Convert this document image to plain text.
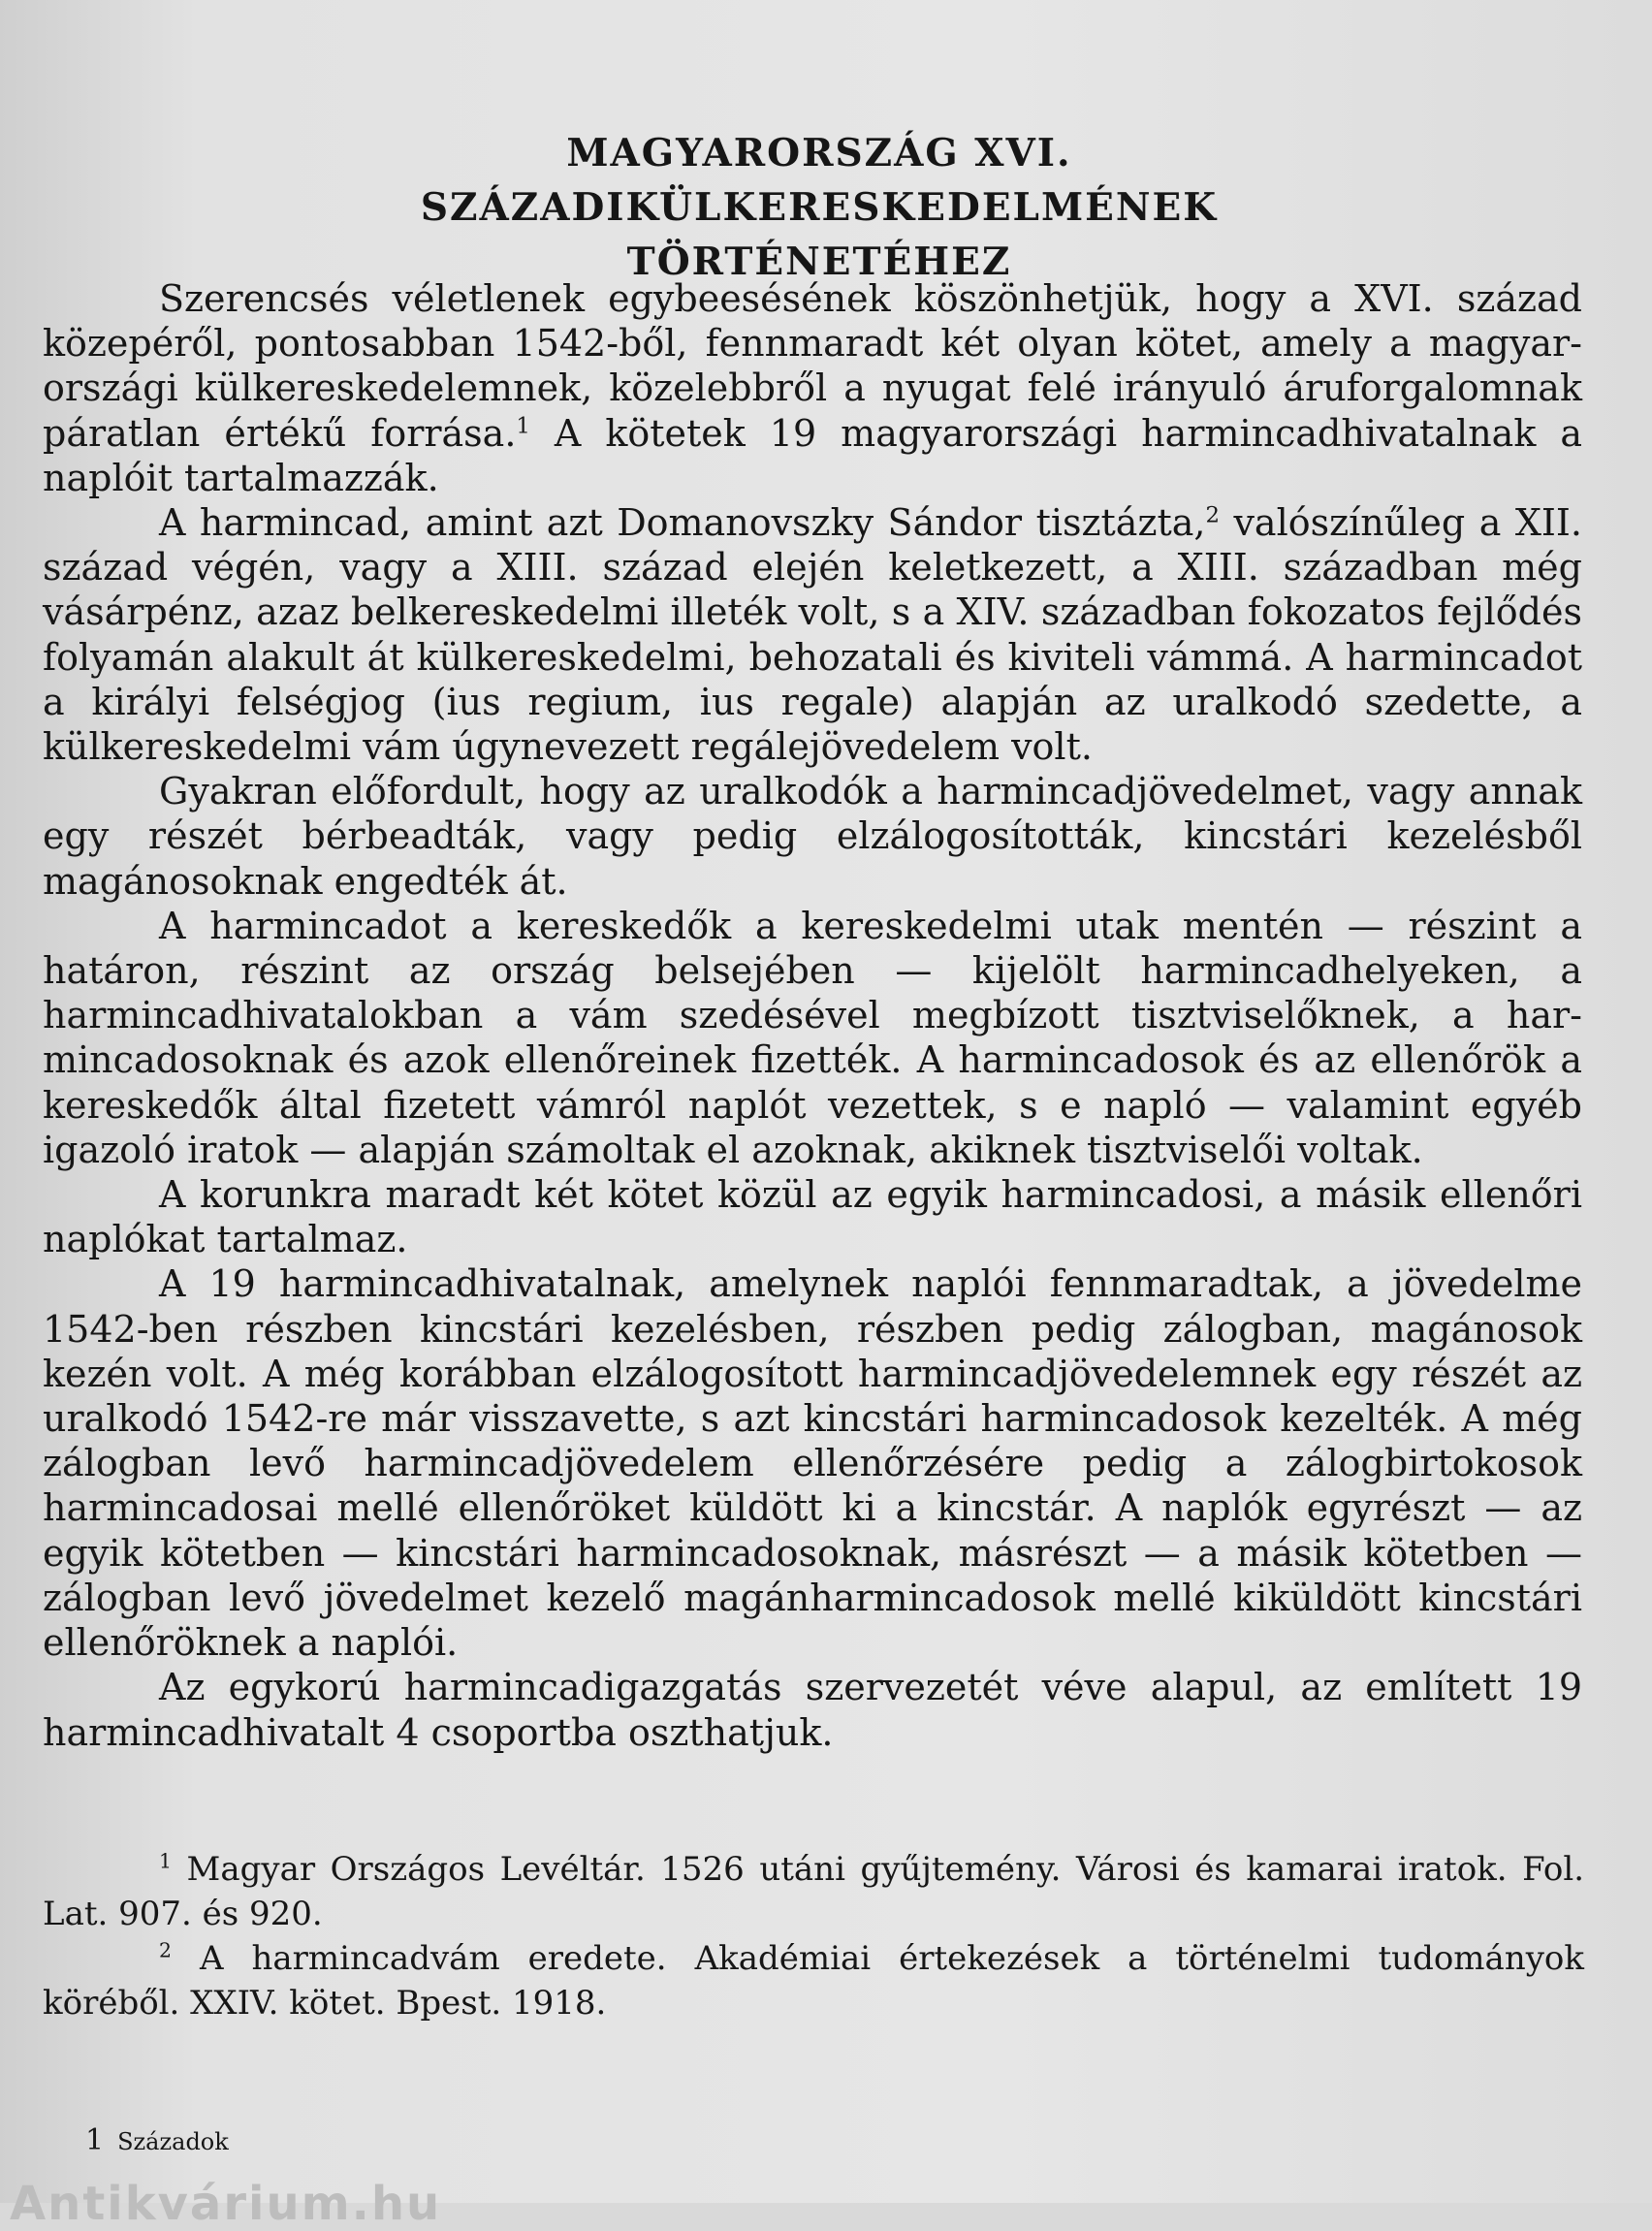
MAGYARORSZÁG XVI. SZÁZADIKÜLKERESKEDELMÉNEK
TÖRTÉNETÉHEZ

Szerencsés véletlenek egybeesésének köszönhetjük, hogy a XVI. század közepéről, pontosabban 1542-ből, fennmaradt két olyan kötet, amely a magyarországi külkereskedelemnek, közelebbről a nyugat felé irányuló áruforgalomnak páratlan értékű forrása.$^1$ A kötetek 19 magyarországi harmincadhivatalnak a naplóit tartalmazzák.

A harmincad, amint azt Domanovszky Sándor tisztázta,$^2$ valószínűleg a XII. század végén, vagy a XIII. század elején keletkezett, a XIII. században még vásárpénz, azaz belkereskedelmi illeték volt, s a XIV. században fokozatos fejlődés folyamán alakult át külkereskedelmi, behozatali és kiviteli vámmá. A harmincadot a királyi felségjog (ius regium, ius regale) alapján az uralkodó szedette, a külkereskedelmi vám úgynevezett regálejövedelem volt.

Gyakran előfordult, hogy az uralkodók a harmincadjövedelmet, vagy annak egy részét bérbeadták, vagy pedig elzálogosították, kincstári kezelésből magánosoknak engedték át.

A harmincadot a kereskedők a kereskedelmi utak mentén — részint a határon, részint az ország belsejében — kijelölt harmincadhelyeken, a harmincadhivatalokban a vám szedésével megbízott tisztviselőknek, a harmincadosoknak és azok ellenőreinek fizették. A harmincadosok és az ellenőrök a kereskedők által fizetett vámról naplót vezettek, s e napló — valamint egyéb igazoló iratok — alapján számoltak el azoknak, akiknek tisztviselői voltak.

A korunkra maradt két kötet közül az egyik harmincadosi, a másik ellenőri naplókat tartalmaz.

A 19 harmincadhivatalnak, amelynek naplói fennmaradtak, a jövedelme 1542-ben részben kincstári kezelésben, részben pedig zálogban, magánosok kezén volt. A még korábban elzálogosított harmincadjövedelemnek egy részét az uralkodó 1542-re már visszavette, s azt kincstári harmincadosok kezelték. A még zálogban levő harmincadjövedelem ellenőrzésére pedig a zálogbirtokosok harmincadosai mellé ellenőröket küldött ki a kincstár. A naplók egyrészt — az egyik kötetben — kincstári harmincadosoknak, másrészt — a másik kötetben — zálogban levő jövedelmet kezelő magánharmincadosok mellé kiküldött kincstári ellenőröknek a naplói.

Az egykorú harmincadigazgatás szervezetét véve alapul, az említett 19 harmincadhivatalt 4 csoportba oszthatjuk.

$^1$ Magyar Országos Levéltár. 1526 utáni gyűjtemény. Városi és kamarai iratok. Fol. Lat. 907. és 920.

$^2$ A harmincadvám eredete. Akadémiai értekezések a történelmi tudományok köréből. XXIV. kötet. Bpest. 1918.

1 Századok
Antikvárium.hu
